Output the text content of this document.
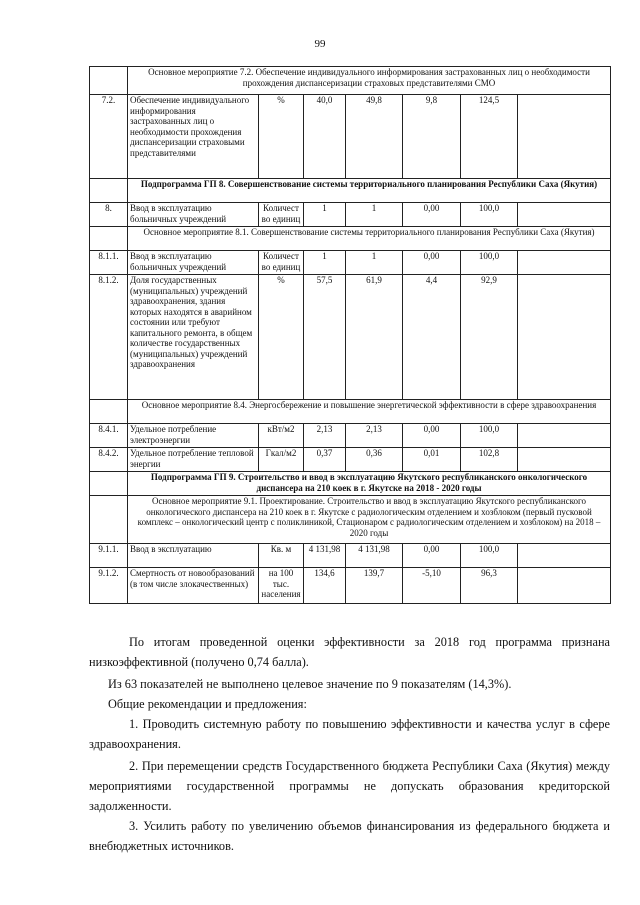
99
	Основное мероприятие 7.2. Обеспечение индивидуального информирования застрахованных лиц о необходимости прохождения диспансеризации страховых представителями СМО						
7.2.	Обеспечение индивидуального информирования застрахованных лиц о необходимости прохождения диспансеризации страховыми представителями	%	40,0	49,8	9,8	124,5	
	Подпрограмма ГП 8. Совершенствование системы территориального планирования Республики Саха (Якутия)						
8.	Ввод в эксплуатацию больничных учреждений	Количество единиц	1	1	0,00	100,0	
	Основное мероприятие 8.1. Совершенствование системы территориального планирования Республики Саха (Якутия)						
8.1.1.	Ввод в эксплуатацию больничных учреждений	Количество единиц	1	1	0,00	100,0	
8.1.2.	Доля государственных (муниципальных) учреждений здравоохранения, здания которых находятся в аварийном состоянии или требуют капитального ремонта, в общем количестве государственных (муниципальных) учреждений здравоохранения	%	57,5	61,9	4,4	92,9	
	Основное мероприятие 8.4. Энергосбережение и повышение энергетической эффективности в сфере здравоохранения						
8.4.1.	Удельное потребление электроэнергии	кВт/м2	2,13	2,13	0,00	100,0	
8.4.2.	Удельное потребление тепловой энергии	Гкал/м2	0,37	0,36	0,01	102,8	
	Подпрограмма ГП 9. Строительство и ввод в эксплуатацию Якутского республиканского онкологического диспансера на 210 коек в г. Якутске на 2018 - 2020 годы						
	Основное мероприятие 9.1. Проектирование. Строительство и ввод в эксплуатацию Якутского республиканского онкологического диспансера на 210 коек в г. Якутске с радиологическим отделением и хозблоком (первый пусковой комплекс – онкологический центр с поликлиникой, Стационаром с радиологическим отделением и хозблоком) на 2018 – 2020 годы						
9.1.1.	Ввод в эксплуатацию	Кв. м	4 131,98	4 131,98	0,00	100,0	
9.1.2.	Смертность от новообразований (в том числе злокачественных)	на 100 тыс. населения	134,6	139,7	-5,10	96,3	
По итогам проведенной оценки эффективности за 2018 год программа признана низкоэффективной (получено 0,74 балла).
Из 63 показателей не выполнено целевое значение по 9 показателям (14,3%).
Общие рекомендации и предложения:
1. Проводить системную работу по повышению эффективности и качества услуг в сфере здравоохранения.
2. При перемещении средств Государственного бюджета Республики Саха (Якутия) между мероприятиями государственной программы не допускать образования кредиторской задолженности.
3. Усилить работу по увеличению объемов финансирования из федерального бюджета и внебюджетных источников.
